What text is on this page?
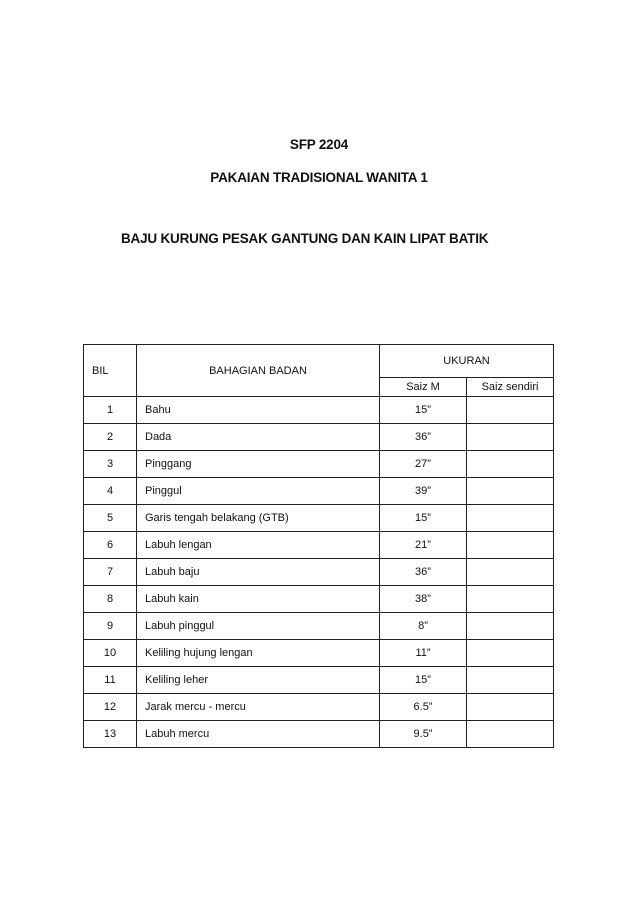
SFP 2204
PAKAIAN TRADISIONAL WANITA 1
BAJU KURUNG PESAK GANTUNG DAN KAIN LIPAT BATIK
BIL	BAHAGIAN BADAN	UKURAN	
		Saiz M	Saiz sendiri
1	Bahu	15”	
2	Dada	36”	
3	Pinggang	27”	
4	Pinggul	39”	
5	Garis tengah belakang (GTB)	15”	
6	Labuh lengan	21”	
7	Labuh baju	36”	
8	Labuh kain	38”	
9	Labuh pinggul	8”	
10	Keliling hujung lengan	11”	
11	Keliling leher	15”	
12	Jarak mercu - mercu	6.5”	
13	Labuh mercu	9.5”	
